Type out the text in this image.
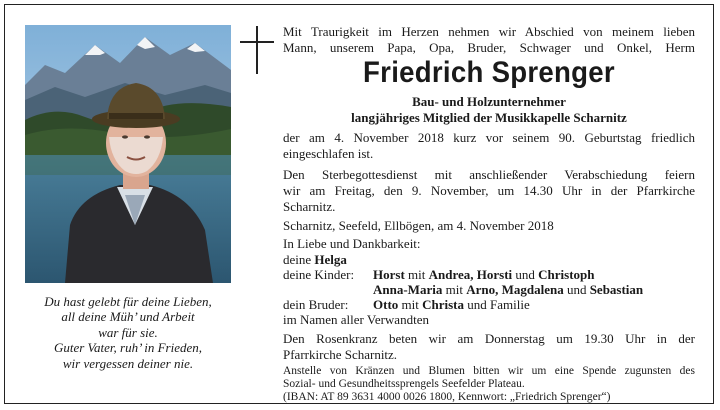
Du hast gelebt für deine Lieben,
all deine Müh’ und Arbeit
war für sie.
Guter Vater, ruh’ in Frieden,
wir vergessen deiner nie.
Mit Traurigkeit im Herzen nehmen wir Abschied von meinem lieben
Mann, unserem Papa, Opa, Bruder, Schwager und Onkel, Herm
Friedrich Sprenger
Bau- und Holzunternehmer
langjähriges Mitglied der Musikkapelle Scharnitz
der am 4. November 2018 kurz vor seinem 90. Geburtstag friedlich
eingeschlafen ist.
Den Sterbegottesdienst mit anschließender Verabschiedung feiern
wir am Freitag, den 9. November, um 14.30 Uhr in der Pfarrkirche
Scharnitz.
Scharnitz, Seefeld, Ellbögen, am 4. November 2018
In Liebe und Dankbarkeit:
deine Helga
deine Kinder: Horst mit Andrea, Horsti und Christoph
Anna-Maria mit Arno, Magdalena und Sebastian
dein Bruder: Otto mit Christa und Familie
im Namen aller Verwandten
Den Rosenkranz beten wir am Donnerstag um 19.30 Uhr in der
Pfarrkirche Scharnitz.
Anstelle von Kränzen und Blumen bitten wir um eine Spende zugunsten des
Sozial- und Gesundheitssprengels Seefelder Plateau.
(IBAN: AT 89 3631 4000 0026 1800, Kennwort: „Friedrich Sprenger“)
